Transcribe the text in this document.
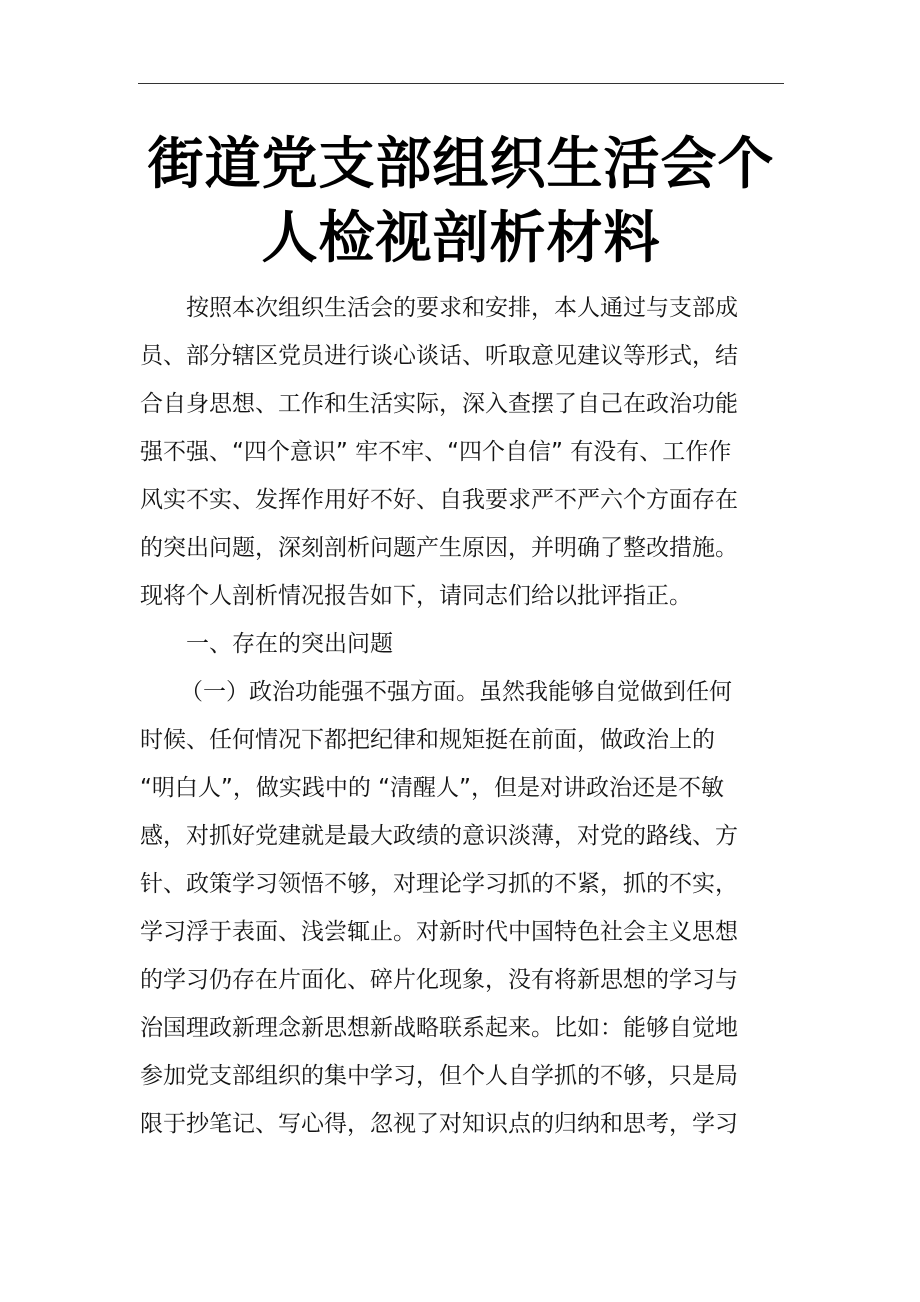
街道党支部组织生活会个
人检视剖析材料
按照本次组织生活会的要求和安排，本人通过与支部成
员、部分辖区党员进行谈心谈话、听取意见建议等形式，结
合自身思想、工作和生活实际，深入查摆了自己在政治功能
强不强、“四个意识” 牢不牢、“四个自信” 有没有、工作作
风实不实、发挥作用好不好、自我要求严不严六个方面存在
的突出问题，深刻剖析问题产生原因，并明确了整改措施。
现将个人剖析情况报告如下，请同志们给以批评指正。
一、存在的突出问题
（一）政治功能强不强方面。虽然我能够自觉做到任何
时候、任何情况下都把纪律和规矩挺在前面，做政治上的
“明白人”，做实践中的 “清醒人”，但是对讲政治还是不敏
感，对抓好党建就是最大政绩的意识淡薄，对党的路线、方
针、政策学习领悟不够，对理论学习抓的不紧，抓的不实，
学习浮于表面、浅尝辄止。对新时代中国特色社会主义思想
的学习仍存在片面化、碎片化现象，没有将新思想的学习与
治国理政新理念新思想新战略联系起来。比如：能够自觉地
参加党支部组织的集中学习，但个人自学抓的不够，只是局
限于抄笔记、写心得，忽视了对知识点的归纳和思考，学习
